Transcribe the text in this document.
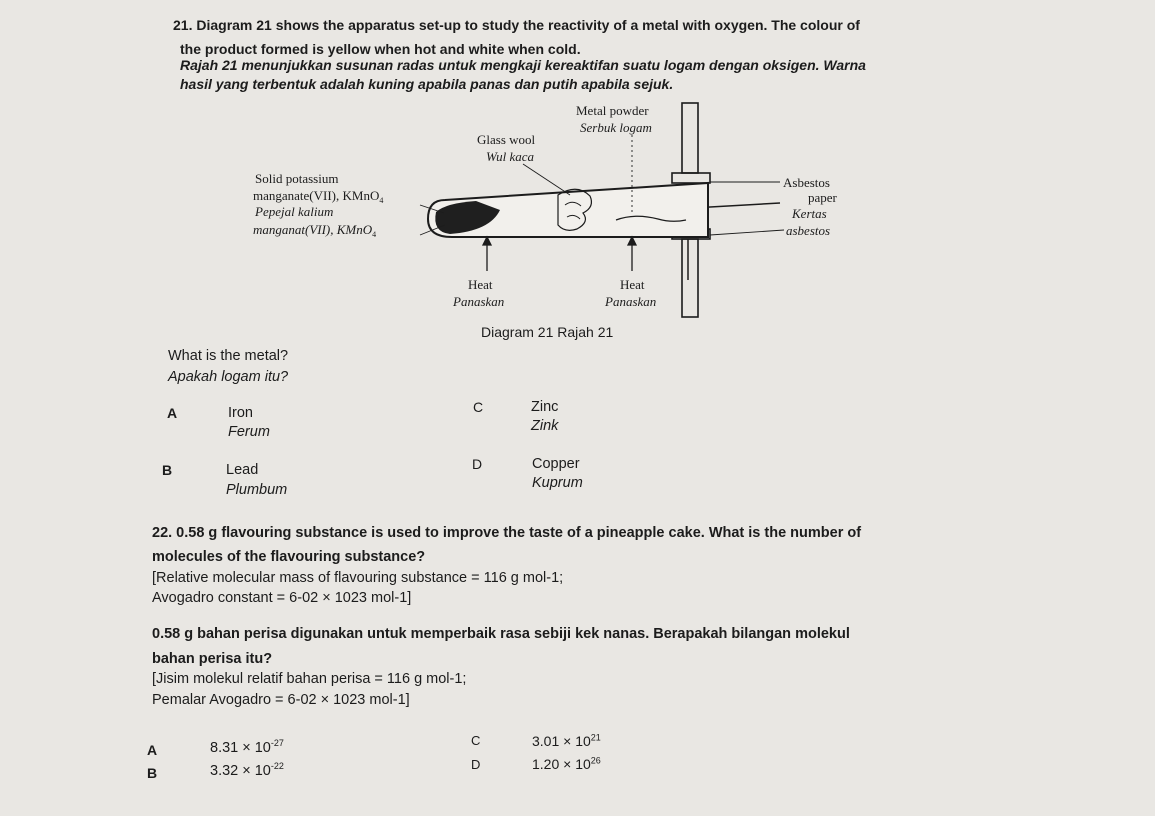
21. Diagram 21 shows the apparatus set-up to study the reactivity of a metal with oxygen. The colour of
the product formed is yellow when hot and white when cold.
Rajah 21 menunjukkan susunan radas untuk mengkaji kereaktifan suatu logam dengan oksigen. Warna
hasil yang terbentuk adalah kuning apabila panas dan putih apabila sejuk.
Metal powder
Serbuk logam
Glass wool
Wul kaca
Solid potassium
manganate(VII), KMnO$_4$
Pepejal kalium
manganat(VII), KMnO$_4$
Asbestos
paper
Kertas
asbestos
Heat
Panaskan
Heat
Panaskan
Diagram 21 Rajah 21
What is the metal?
Apakah logam itu?
A	Iron
Ferum
B	Lead
Plumbum
C	Zinc
Zink
D	Copper
Kuprum
22. 0.58 g flavouring substance is used to improve the taste of a pineapple cake. What is the number of
molecules of the flavouring substance?
[Relative molecular mass of flavouring substance = 116 g mol-1;
Avogadro constant = 6-02 × 1023 mol-1]
0.58 g bahan perisa digunakan untuk memperbaik rasa sebiji kek nanas. Berapakah bilangan molekul
bahan perisa itu?
[Jisim molekul relatif bahan perisa = 116 g mol-1;
Pemalar Avogadro = 6-02 × 1023 mol-1]
A	$8.31 \times 10^{-27}$
B	$3.32 \times 10^{-22}$
C	$3.01 \times 10^{21}$
D	$1.20 \times 10^{26}$
